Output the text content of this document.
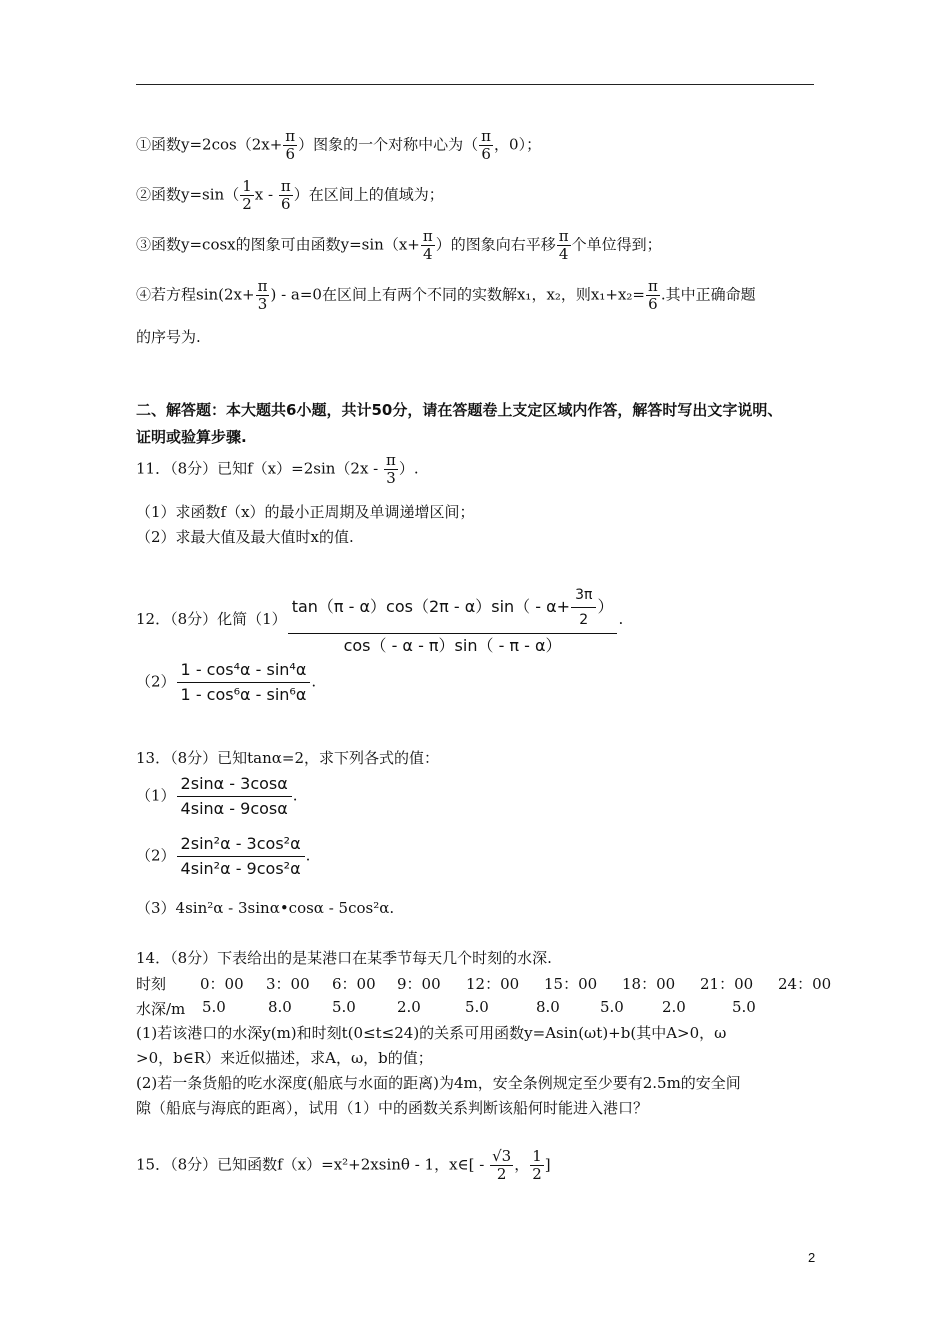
①函数$y=2\cos(2x+ \frac{\pi}{6}$ ）图象的一个对称中心为（ $\frac{\pi}{6}$ ，0）；
②函数$y=\sin( \frac{1}{2}$ x - $\frac{\pi}{6}$ ）在区间上的值域为；
③函数y=cosx的图象可由函数$y=\sin(x+ \frac{\pi}{4}$ ）的图象向右平移 $\frac{\pi}{4}$ 个单位得到；
④若方程$\sin(2x+ \frac{\pi}{3}$ ) - a=0在区间上有两个不同的实数解x₁，x₂，则$x_1+x_2= \frac{\pi}{6}$ .其中正确命题
的序号为.
二、解答题：本大题共6小题，共计50分，请在答题卷上支定区域内作答，解答时写出文字说明、
证明或验算步骤.
11．（8分）已知$f(x)=2\sin(2x - \frac{\pi}{3}$ ）.
（1）求函数f（x）的最小正周期及单调递增区间；
（2）求最大值及最大值时x的值.
12．（8分）化简$(1) \frac{\tan(\pi - \alpha)\cos(2\pi - \alpha)\sin( - \alpha+ \frac{3\pi}{2} )}{\cos( - \alpha - \pi)\sin( - \pi - \alpha)}$ .
$(2) \frac{\text{1 - cos⁴α - sin⁴α}}{\text{1 - cos⁶α - sin⁶α}}$ .
13．（8分）已知tanα=2，求下列各式的值：
$(1) \frac{2\sin\alpha - 3\cos\alpha}{4\sin\alpha - 9\cos\alpha}$ .
$(2) \frac{\text{2sin²α - 3cos²α}}{\text{4sin²α - 9cos²α}}$ .
（3）4sin²α - 3sinα•cosα - 5cos²α.
14．（8分）下表给出的是某港口在某季节每天几个时刻的水深.
时刻 0：00 3：00 6：00 9：00 12：00 15：00 18：00 21：00 24：00
水深/m 5.0	8.0	5.0	2.0	5.0	8.0	5.0	2.0	5.0
(1)若该港口的水深y(m)和时刻t(0≤t≤24)的关系可用函数y=Asin(ωt)+b(其中A>0，ω
>0，b∈R）来近似描述，求A，ω，b的值；
(2)若一条货船的吃水深度(船底与水面的距离)为4m，安全条例规定至少要有2.5m的安全间
隙（船底与海底的距离），试用（1）中的函数关系判断该船何时能进入港口？
15．（8分）已知函数f（x）=x²+2xsinθ - 1，x∈[ - $\frac{√3}{2}$ ， $\frac{1}{2}$ ]
2
